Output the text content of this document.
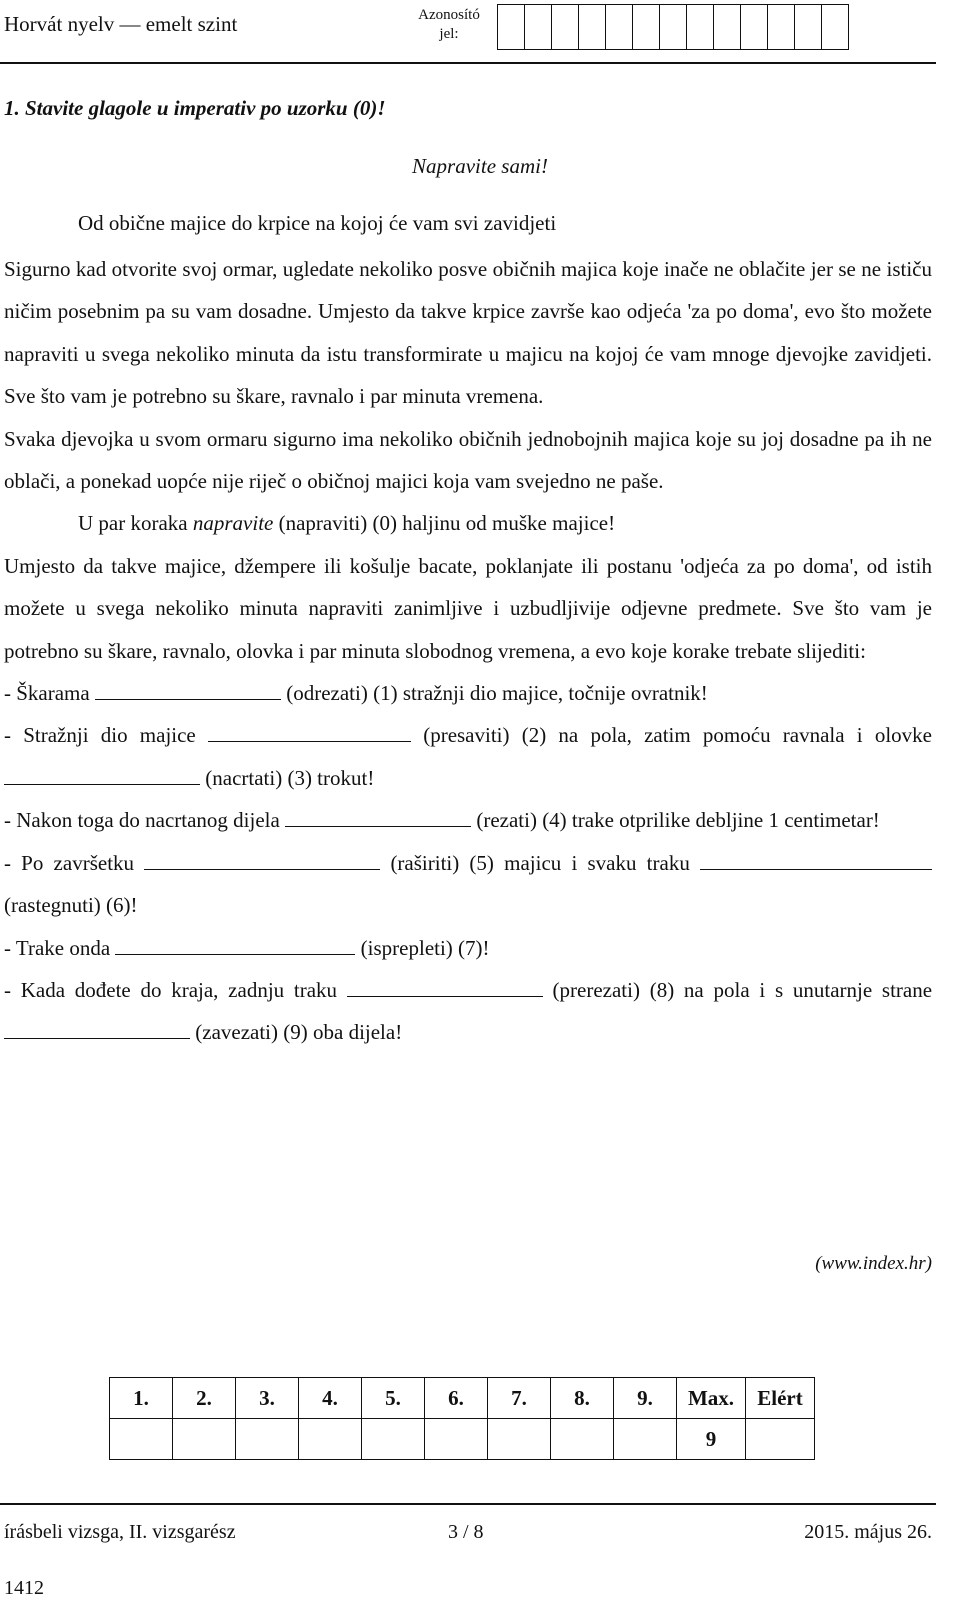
Horvát nyelv — emelt szint	Azonosító jel:
1. Stavite glagole u imperativ po uzorku (0)!
Napravite sami!
Od obične majice do krpice na kojoj će vam svi zavidjeti

Sigurno kad otvorite svoj ormar, ugledate nekoliko posve običnih majica koje inače ne oblačite jer se ne ističu ničim posebnim pa su vam dosadne. Umjesto da takve krpice završe kao odjeća 'za po doma', evo što možete napraviti u svega nekoliko minuta da istu transformirate u majicu na kojoj će vam mnoge djevojke zavidjeti. Sve što vam je potrebno su škare, ravnalo i par minuta vremena.

Svaka djevojka u svom ormaru sigurno ima nekoliko običnih jednobojnih majica koje su joj dosadne pa ih ne oblači, a ponekad uopće nije riječ o običnoj majici koja vam svejedno ne paše.

U par koraka napravite (napraviti) (0) haljinu od muške majice!

Umjesto da takve majice, džempere ili košulje bacate, poklanjate ili postanu 'odjeća za po doma', od istih možete u svega nekoliko minuta napraviti zanimljive i uzbudljivije odjevne predmete. Sve što vam je potrebno su škare, ravnalo, olovka i par minuta slobodnog vremena, a evo koje korake trebate slijediti:

- Škarama	(odrezati) (1) stražnji dio majice, točnije ovratnik!

- Stražnji dio majice	(presaviti) (2) na pola, zatim pomoću ravnala i olovke  (nacrtati) (3) trokut!

- Nakon toga do nacrtanog dijela	(rezati) (4) trake otprilike debljine 1 centimetar!

- Po završetku	(raširiti) (5) majicu i svaku traku  (rastegnuti) (6)!

- Trake onda	(isprepleti) (7)!

- Kada dođete do kraja, zadnju traku	(prerezati) (8) na pola i s unutarnje strane  (zavezati) (9) oba dijela!

(www.index.hr)
1.	2.	3.	4.	5.	6.	7.	8.	9.	Max.	Elért
									9	
írásbeli vizsga, II. vizsgarész	3 / 8	2015. május 26.
1412
